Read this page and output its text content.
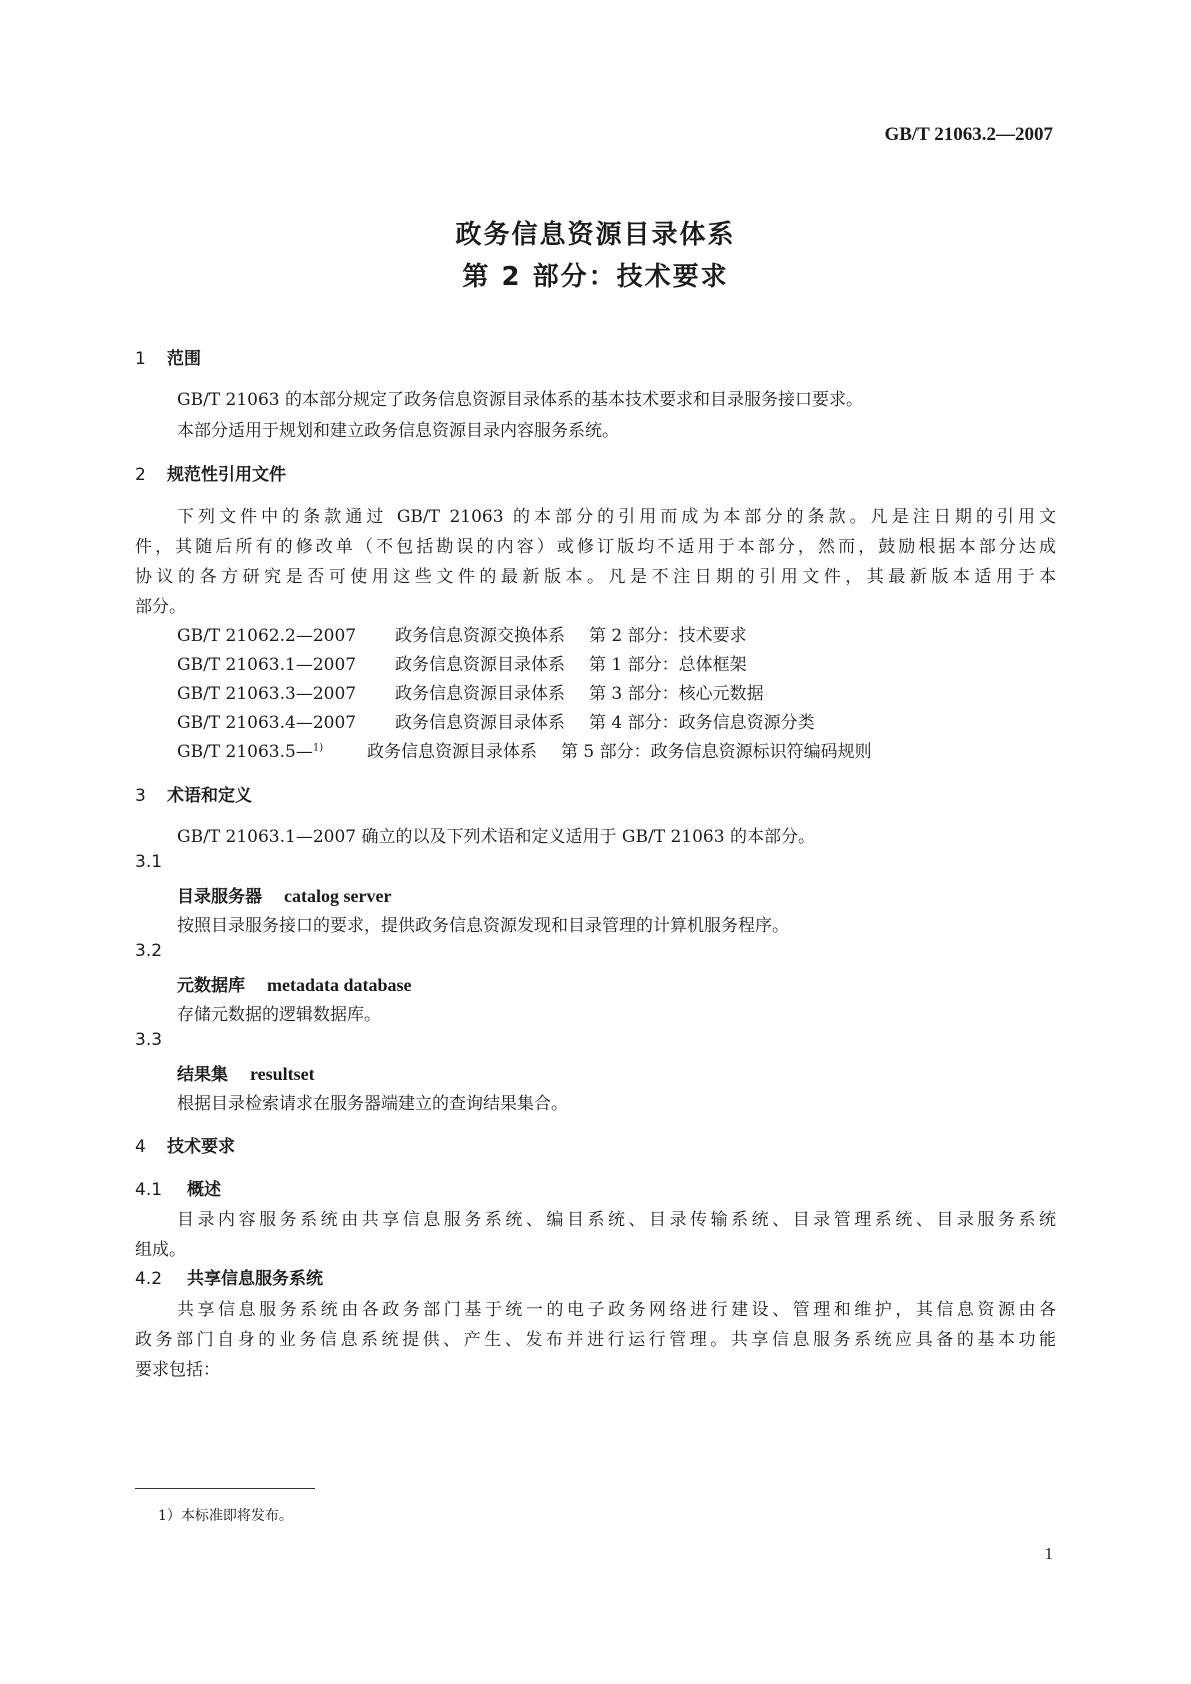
GB/T 21063.2—2007
政务信息资源目录体系
第 2 部分：技术要求
1 范围
GB/T 21063 的本部分规定了政务信息资源目录体系的基本技术要求和目录服务接口要求。
本部分适用于规划和建立政务信息资源目录内容服务系统。
2 规范性引用文件
下列文件中的条款通过 GB/T 21063 的本部分的引用而成为本部分的条款。凡是注日期的引用文
件，其随后所有的修改单（不包括勘误的内容）或修订版均不适用于本部分，然而，鼓励根据本部分达成
协议的各方研究是否可使用这些文件的最新版本。凡是不注日期的引用文件，其最新版本适用于本
部分。
GB/T 21062.2—2007 政务信息资源交换体系 第 2 部分：技术要求
GB/T 21063.1—2007 政务信息资源目录体系 第 1 部分：总体框架
GB/T 21063.3—2007 政务信息资源目录体系 第 3 部分：核心元数据
GB/T 21063.4—2007 政务信息资源目录体系 第 4 部分：政务信息资源分类
GB/T 21063.5—$^{1)}$	政务信息资源目录体系 第 5 部分：政务信息资源标识符编码规则
3 术语和定义
GB/T 21063.1—2007 确立的以及下列术语和定义适用于 GB/T 21063 的本部分。
3.1
目录服务器 catalog server
按照目录服务接口的要求，提供政务信息资源发现和目录管理的计算机服务程序。
3.2
元数据库 metadata database
存储元数据的逻辑数据库。
3.3
结果集 resultset
根据目录检索请求在服务器端建立的查询结果集合。
4 技术要求
4.1 概述
目录内容服务系统由共享信息服务系统、编目系统、目录传输系统、目录管理系统、目录服务系统
组成。
4.2 共享信息服务系统
共享信息服务系统由各政务部门基于统一的电子政务网络进行建设、管理和维护，其信息资源由各
政务部门自身的业务信息系统提供、产生、发布并进行运行管理。共享信息服务系统应具备的基本功能
要求包括：
1）本标准即将发布。
1
